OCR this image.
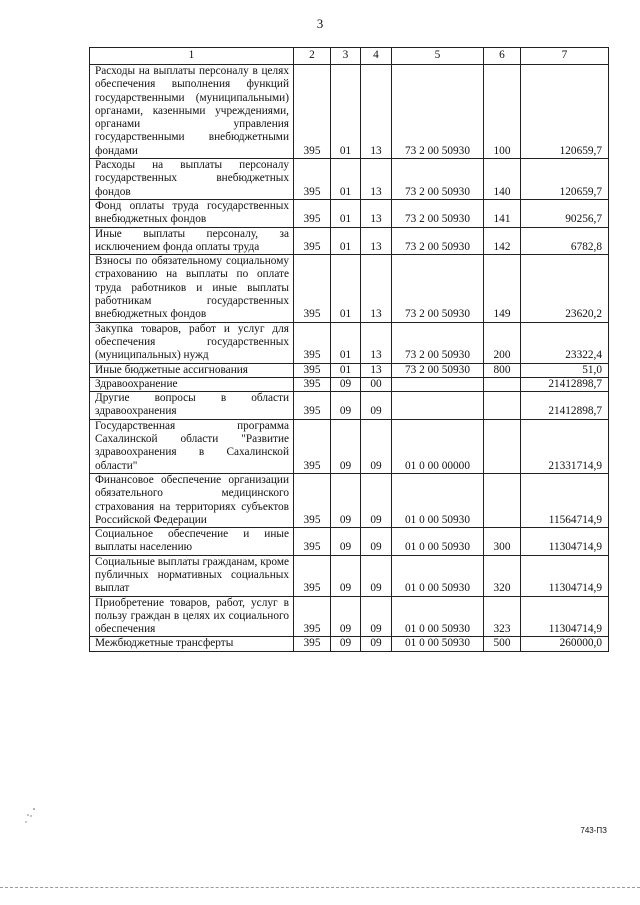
3
1	2	3	4	5	6	7
Расходы на выплаты персоналу в целях обеспечения выполнения функций государственными (муниципальными) органами, казенными учреждениями, органами управления государственными внебюджетными фондами	395	01	13	73 2 00 50930	100	120659,7
Расходы на выплаты персоналу государственных внебюджетных фондов	395	01	13	73 2 00 50930	140	120659,7
Фонд оплаты труда государственных внебюджетных фондов	395	01	13	73 2 00 50930	141	90256,7
Иные выплаты персоналу, за исключением фонда оплаты труда	395	01	13	73 2 00 50930	142	6782,8
Взносы по обязательному социальному страхованию на выплаты по оплате труда работников и иные выплаты работникам государственных внебюджетных фондов	395	01	13	73 2 00 50930	149	23620,2
Закупка товаров, работ и услуг для обеспечения государственных (муниципальных) нужд	395	01	13	73 2 00 50930	200	23322,4
Иные бюджетные ассигнования	395	01	13	73 2 00 50930	800	51,0
Здравоохранение	395	09	00			21412898,7
Другие вопросы в области здравоохранения	395	09	09			21412898,7
Государственная программа Сахалинской области "Развитие здравоохранения в Сахалинской области"	395	09	09	01 0 00 00000		21331714,9
Финансовое обеспечение организации обязательного медицинского страхования на территориях субъектов Российской Федерации	395	09	09	01 0 00 50930		11564714,9
Социальное обеспечение и иные выплаты населению	395	09	09	01 0 00 50930	300	11304714,9
Социальные выплаты гражданам, кроме публичных нормативных социальных выплат	395	09	09	01 0 00 50930	320	11304714,9
Приобретение товаров, работ, услуг в пользу граждан в целях их социального обеспечения	395	09	09	01 0 00 50930	323	11304714,9
Межбюджетные трансферты	395	09	09	01 0 00 50930	500	260000,0
743-ПЗ
